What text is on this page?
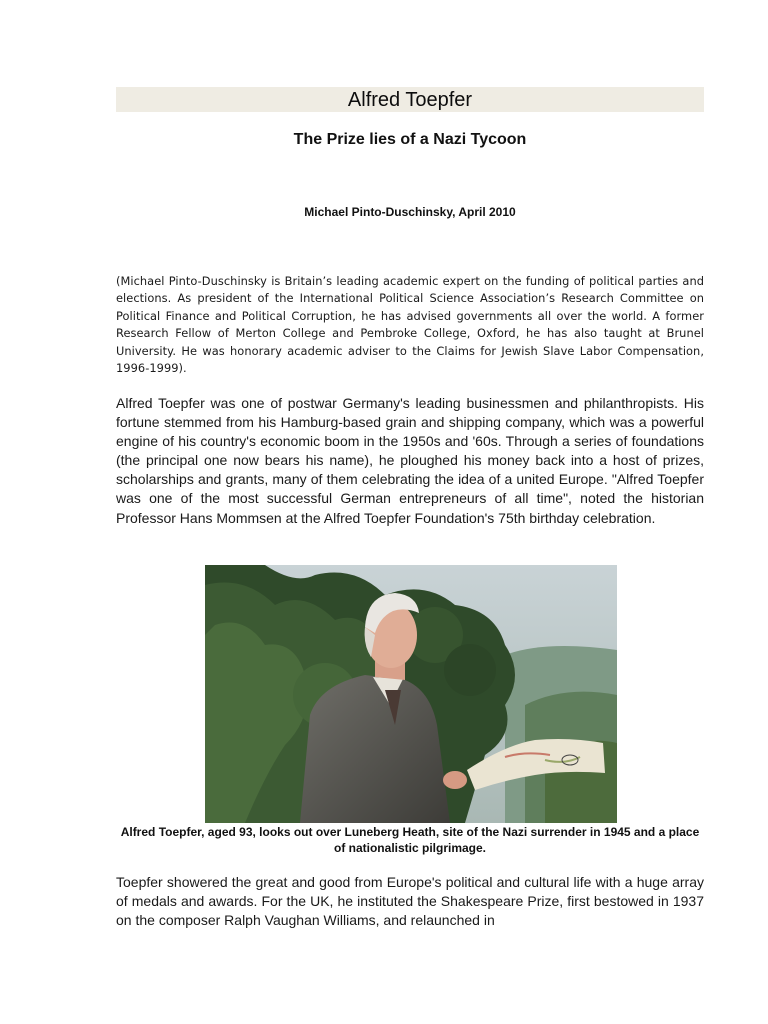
Alfred Toepfer
The Prize lies of a Nazi Tycoon
Michael Pinto-Duschinsky, April 2010
(Michael Pinto-Duschinsky is Britain’s leading academic expert on the funding of political parties and elections. As president of the International Political Science Association’s Research Committee on Political Finance and Political Corruption, he has advised governments all over the world. A former Research Fellow of Merton College and Pembroke College, Oxford, he has also taught at Brunel University. He was honorary academic adviser to the Claims for Jewish Slave Labor Compensation, 1996-1999).
Alfred Toepfer was one of postwar Germany's leading businessmen and philanthropists. His fortune stemmed from his Hamburg-based grain and shipping company, which was a powerful engine of his country's economic boom in the 1950s and '60s. Through a series of foundations (the principal one now bears his name), he ploughed his money back into a host of prizes, scholarships and grants, many of them celebrating the idea of a united Europe. "Alfred Toepfer was one of the most successful German entrepreneurs of all time", noted the historian Professor Hans Mommsen at the Alfred Toepfer Foundation's 75th birthday celebration.
Alfred Toepfer, aged 93, looks out over Luneberg Heath, site of the Nazi surrender in 1945 and a place of nationalistic pilgrimage.
Toepfer showered the great and good from Europe's political and cultural life with a huge array of medals and awards. For the UK, he instituted the Shakespeare Prize, first bestowed in 1937 on the composer Ralph Vaughan Williams, and relaunched in
